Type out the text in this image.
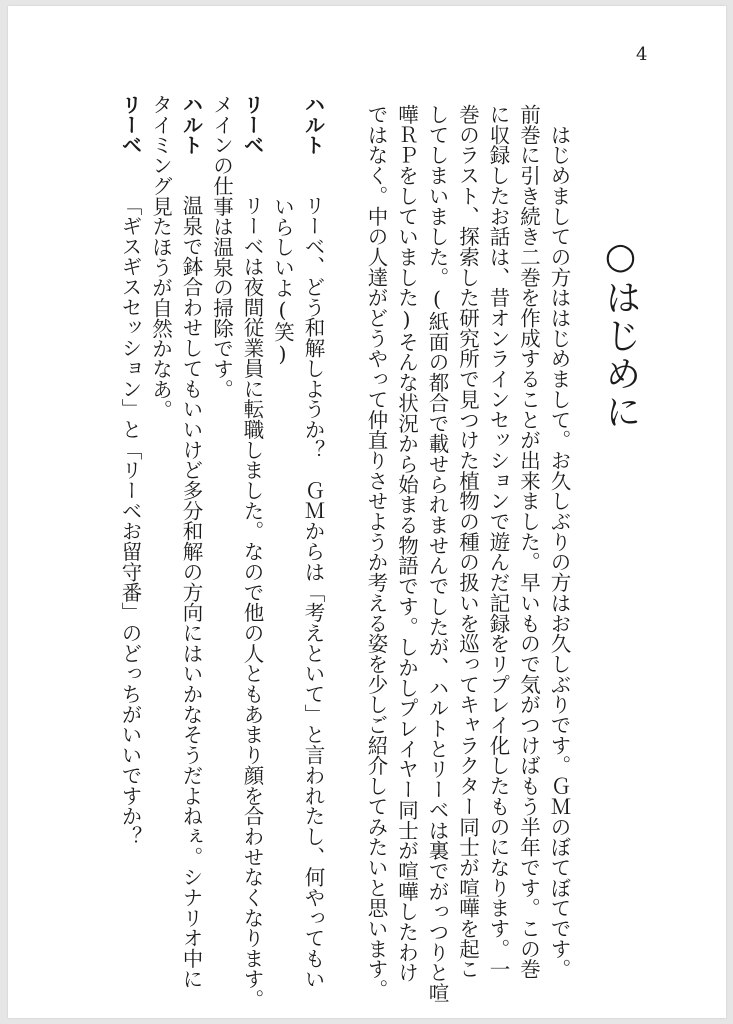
4
○はじめに
　はじめましての方ははじめまして。お久しぶりの方はお久しぶりです。ＧＭのぼてぼてです。
前巻に引き続き二巻を作成することが出来ました。早いもので気がつけばもう半年です。この巻
に収録したお話は、昔オンラインセッションで遊んだ記録をリプレイ化したものになります。一
巻のラスト、探索した研究所で見つけた植物の種の扱いを巡ってキャラクター同士が喧嘩を起こ
してしまいました。(紙面の都合で載せられませんでしたが、ハルトとリーベは裏でがっつりと喧
嘩ＲＰをしていました)そんな状況から始まる物語です。しかしプレイヤー同士が喧嘩したわけ
ではなく。中の人達がどうやって仲直りさせようか考える姿を少しご紹介してみたいと思います。
ハルトリーベ、どう和解しようか？　ＧＭからは「考えといて」と言われたし、何やってもい
いらしいよ(笑)
リーベリーベは夜間従業員に転職しました。なので他の人ともあまり顔を合わせなくなります。
メインの仕事は温泉の掃除です。
ハルト温泉で鉢合わせしてもいいけど多分和解の方向にはいかなそうだよねぇ。シナリオ中に
タイミング見たほうが自然かなあ。
リーベ「ギスギスセッション」と「リーベお留守番」のどっちがいいですか？
